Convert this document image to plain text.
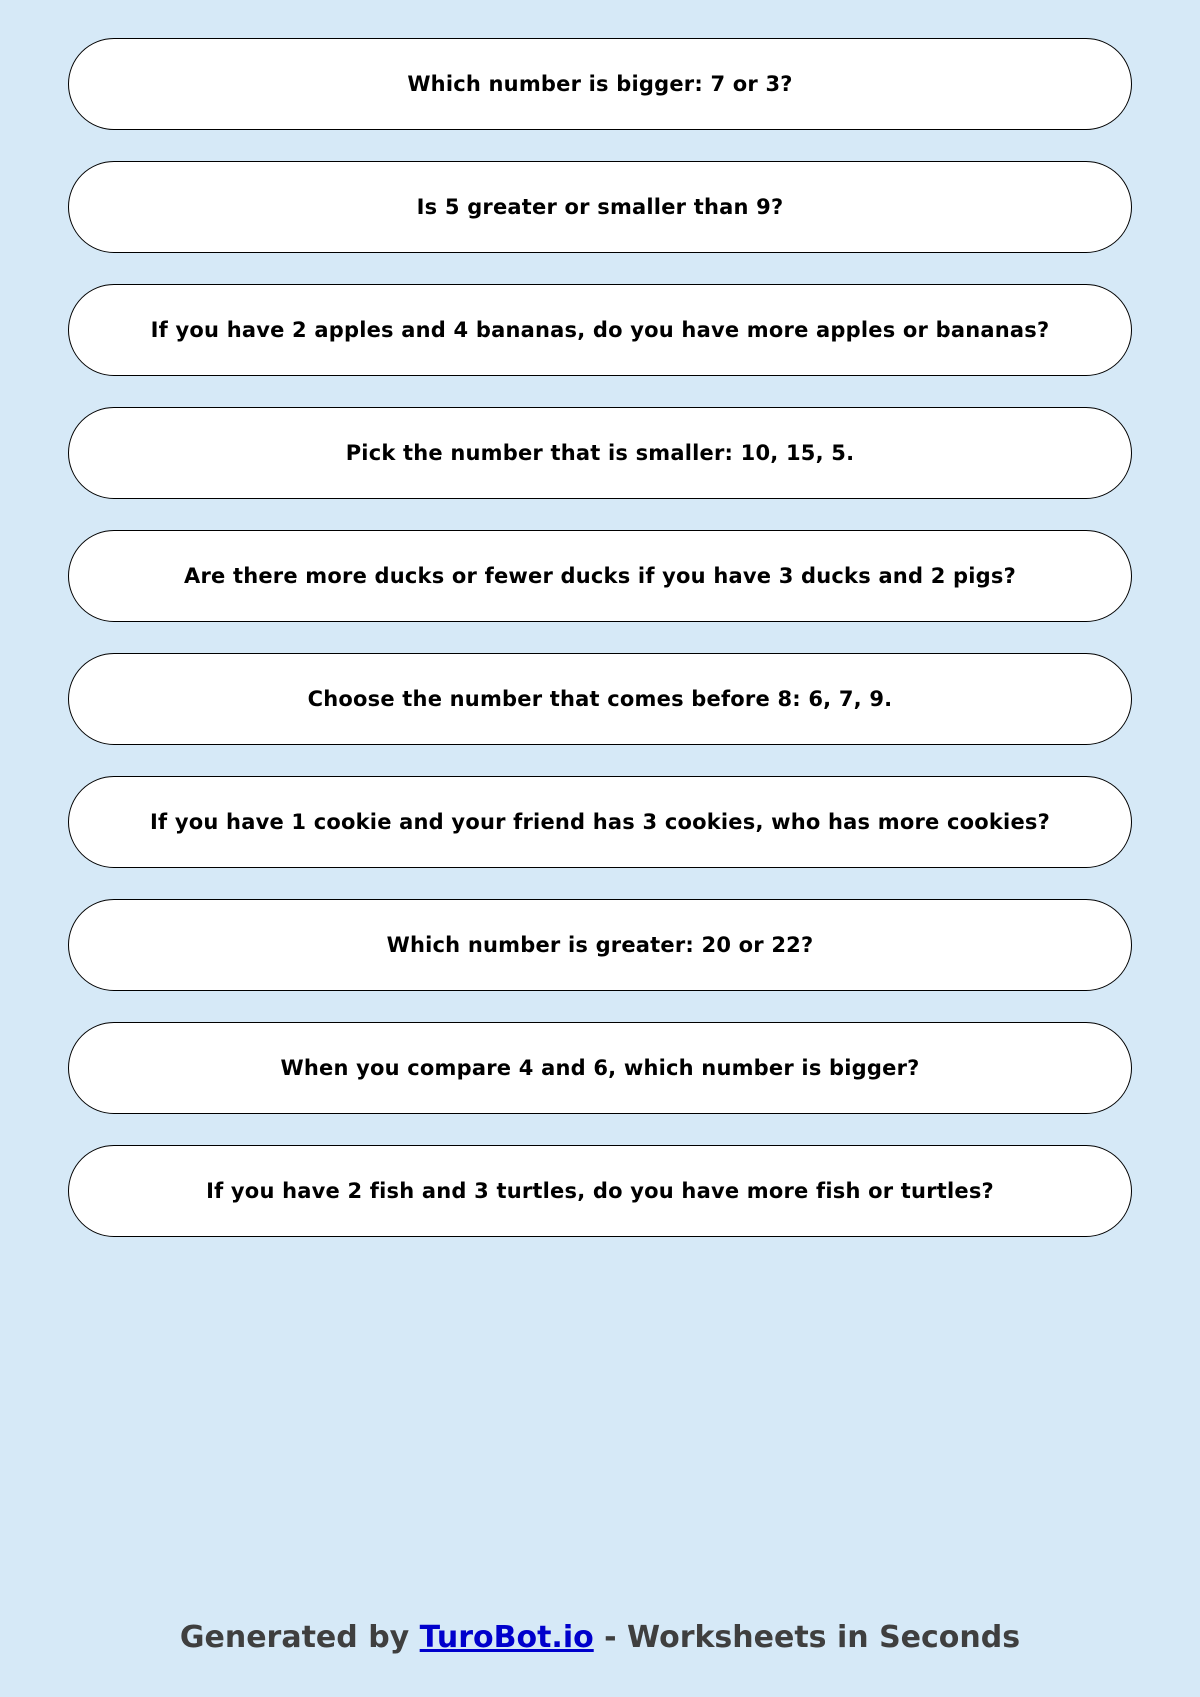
Which number is bigger: 7 or 3?
Is 5 greater or smaller than 9?
If you have 2 apples and 4 bananas, do you have more apples or bananas?
Pick the number that is smaller: 10, 15, 5.
Are there more ducks or fewer ducks if you have 3 ducks and 2 pigs?
Choose the number that comes before 8: 6, 7, 9.
If you have 1 cookie and your friend has 3 cookies, who has more cookies?
Which number is greater: 20 or 22?
When you compare 4 and 6, which number is bigger?
If you have 2 fish and 3 turtles, do you have more fish or turtles?
Generated by TuroBot.io - Worksheets in Seconds
